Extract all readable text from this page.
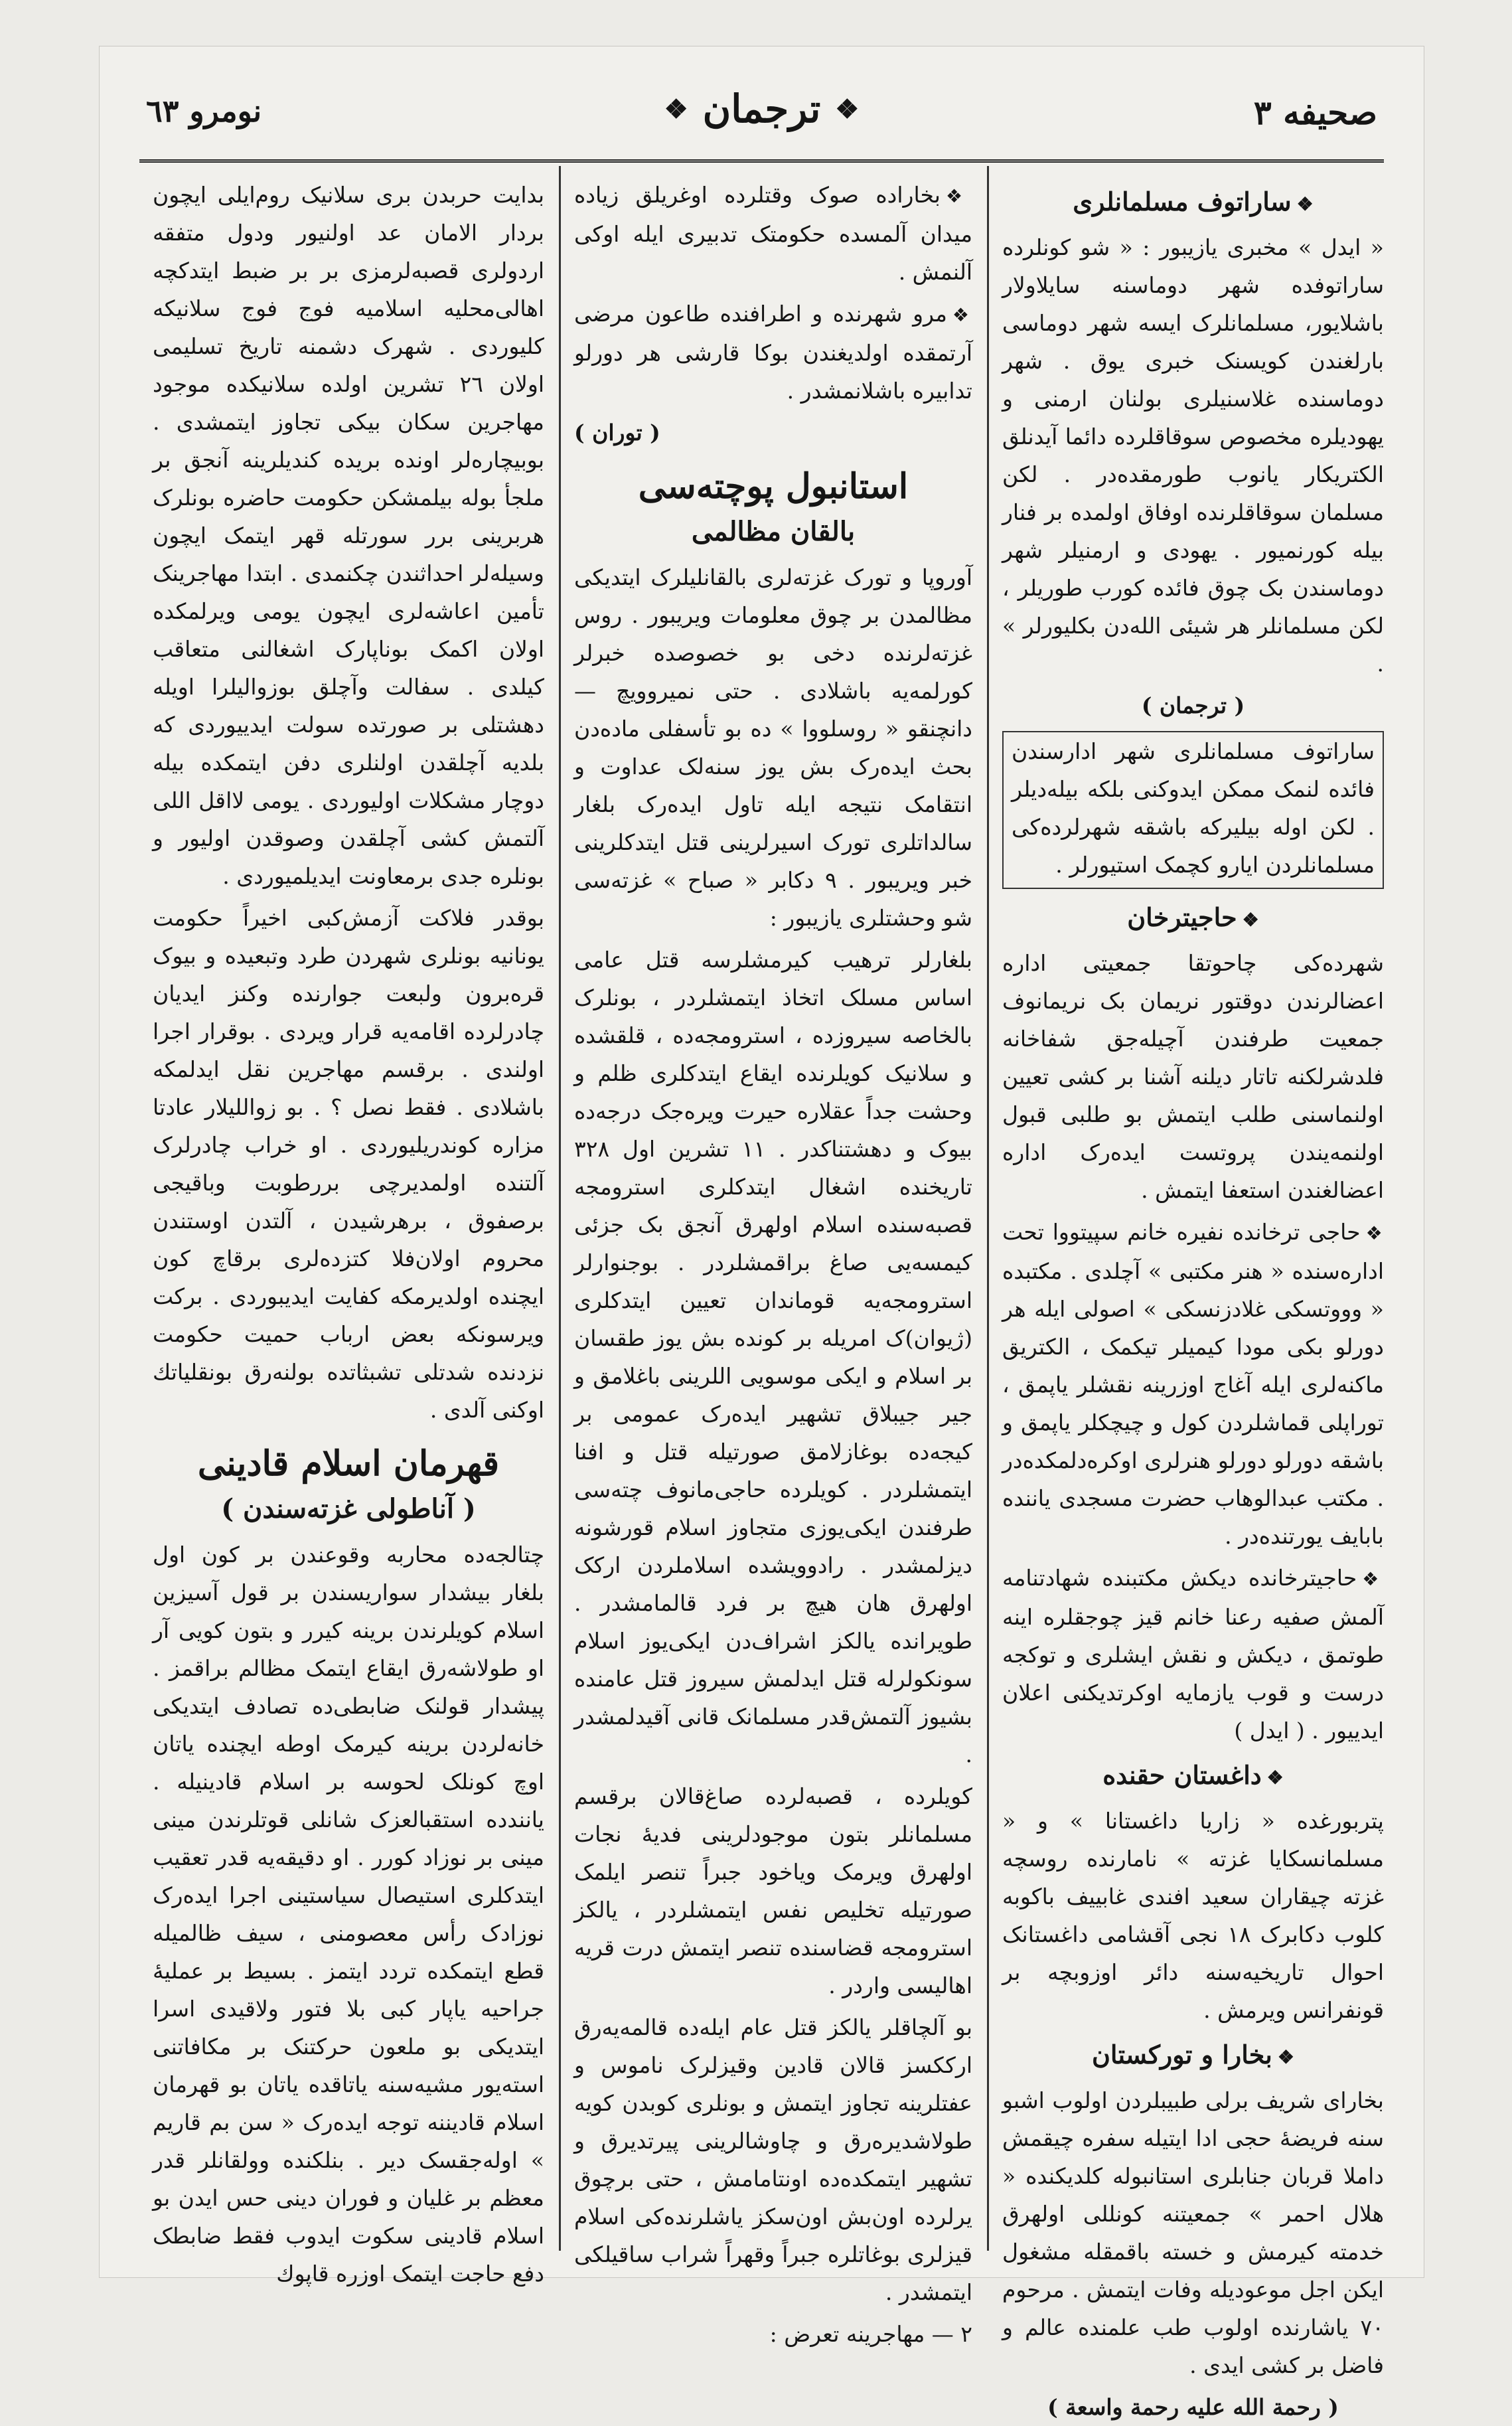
صحیفه ٣
❖
ترجمان
❖
نومرو ٦٣
❖ساراتوف مسلمانلری

« ایدل » مخبری یازیبور : « شو کونلرده ساراتوفده شهر دوماسنه سایلاولار باشلایور، مسلمانلرک ایسه شهر دوماسی بارلغندن کویسنک خبری یوق . شهر دوماسنده غلاسنیلری بولنان ارمنی و یهودیلره مخصوص سوقاقلرده دائما آیدنلق الکتریکار یانوب طورمقده‌در . لکن مسلمان سوقاقلرنده اوفاق اولمده بر فنار بیله کورنمیور . یهودی و ارمنیلر شهر دوماسندن بک چوق فائده کورب طوریلر ، لکن مسلمانلر هر شیئی الله‌دن بکلیورلر » .

( ترجمان )

ساراتوف مسلمانلری شهر ادارسندن فائده لنمک ممکن ایدوکنی بلکه بیله‌دیلر . لکن اوله بیلیرکه باشقه شهرلرده‌کی مسلمانلردن ایارو کچمک استیورلر .

❖حاجیترخان

شهرده‌کی چاحوتقا جمعیتی اداره اعضالرندن دوقتور نریمان بک نریمانوف جمعیت طرفندن آچیله‌جق شفاخانه فلدشرلکنه تاتار دیلنه آشنا بر کشی تعیین اولنماسنی طلب ایتمش بو طلبی قبول اولنمه‌یندن پروتست ایده‌رک اداره اعضالغندن استعفا ایتمش .

❖حاجی ترخانده نفیره خانم سپیتووا تحت اداره‌سنده « هنر مکتبی » آچلدی . مکتبده « وووتسکی غلادزنسکی » اصولی ایله هر دورلو بکی مودا کیمیلر تیکمک ، الکتریق ماکنه‌لری ایله آغاج اوزرینه نقشلر یاپمق ، توراپلی قماشلردن کول و چیچکلر یاپمق و باشقه دورلو دورلو هنرلری اوکره‌دلمکده‌در . مکتب عبدالوهاب حضرت مسجدی یاننده بابایف یورتنده‌در .

❖حاجیترخانده دیکش مکتبنده شهادتنامه آلمش صفیه رعنا خانم قیز چوجقلره اینه طوتمق ، دیکش و نقش ایشلری و توکجه درست و قوب یازمایه اوکرتدیکنی اعلان ایدییور . ( ایدل )

❖داغستان حقنده

پتربورغده « زاریا داغستانا » و « مسلمانسکایا غزته » نامارنده روسچه غزته چیقاران سعید افندی غابییف باکوبه کلوب دکابرک ١٨ نجی آقشامی داغستانک احوال تاریخیه‌سنه دائر اوزوبچه بر قونفرانس ویرمش .

❖بخارا و توركستان

بخارای شریف برلی طبیبلردن اولوب اشبو سنه فریضهٔ حجی ادا ایتیله سفره چیقمش داملا قربان جنابلری استانبوله کلدیکنده « هلال احمر » جمعیتنه کونللی اولهرق خدمته کیرمش و خسته باقمقله مشغول ایکن اجل موعودیله وفات ایتمش . مرحوم ٧٠ یاشارنده اولوب طب علمنده عالم و فاضل بر کشی ایدی .

( رحمة الله علیه رحمة واسعة )

❖بخاراده صوک وقتلرده اوغریلق زیاده میدان آلمسده حکومتک تدبیری ایله اوکی آلنمش .

❖مرو شهرنده و اطرافنده طاعون مرضی آرتمقده اولدیغندن بوکا قارشی هر دورلو تدابیره باشلانمشدر .

( توران )
استانبول پوچته‌سی
بالقان مظالمی

آوروپا و تورک غزته‌لری بالقانلیلرک ایتدیکی مظالمدن بر چوق معلومات ویریبور . روس غزته‌لرنده دخی بو خصوصده خبرلر کورلمه‌یه باشلادی . حتی نمیروویچ — دانچنقو « روسلووا » ده بو تأسفلی ماده‌دن بحث ایده‌رک بش یوز سنه‌لک عداوت و انتقامک نتیجه ایله تاول ایده‌رک بلغار سالداتلری تورک اسیرلرینی قتل ایتدکلرینی خبر ویریبور . ٩ دکابر « صباح » غزته‌سی شو وحشتلری یازیبور :

بلغارلر ترهیب کیرمشلرسه قتل عامی اساس مسلک اتخاذ ایتمشلردر ، بونلرک بالخاصه سیروزده ، استرومجه‌ده ، قلقشده و سلانیک کویلرنده ایقاع ایتدکلری ظلم و وحشت جداً عقلاره حیرت ویره‌جک درجه‌ده بیوک و دهشتناکدر . ١١ تشرین اول ٣٢٨ تاریخنده اشغال ایتدکلری استرومجه قصبه‌سنده اسلام اولهرق آنجق بک جزئی کیمسه‌یی صاغ براقمشلردر . بوجنوارلر استرومجه‌یه قوماندان تعیین ایتدکلری (ژیوان)ک امریله بر کونده بش یوز طقسان بر اسلام و ایکی موسویی اللرینی باغلامق و جیر جیبلاق تشهیر ایده‌رک عمومی بر کیجه‌ده بوغازلامق صورتیله قتل و افنا ایتمشلردر . کویلرده حاجی‌مانوف چته‌سی طرفندن ایکی‌یوزی متجاوز اسلام قورشونه دیزلمشدر . رادوویشده اسلاملردن ارکک اولهرق هان هیچ بر فرد قالمامشدر . طویرانده یالکز اشراف‌دن ایکی‌یوز اسلام سونکولرله قتل ایدلمش سیروز قتل عامنده بشیوز آلتمش‌قدر مسلمانک قانی آقیدلمشدر .

کویلرده ، قصبه‌لرده صاغ‌قالان برقسم مسلمانلر بتون موجودلرینی فدیهٔ نجات اولهرق ویرمک ویاخود جبراً تنصر ایلمک صورتیله تخلیص نفس ایتمشلردر ، یالکز استرومجه قضاسنده تنصر ایتمش درت قریه اهالیسی واردر .

بو آلچاقلر یالکز قتل عام ایله‌ده قالمه‌یه‌رق ارککسز قالان قادین وقیزلرک ناموس و عفتلرینه تجاوز ایتمش و بونلری کوبدن کویه طولاشدیره‌رق و چاوشالرینی پیرتدیرق و تشهیر ایتمکده‌ده اونتامامش ، حتی برچوق یرلرده اون‌بش اون‌سکز یاشلرنده‌کی اسلام قیزلری بوغاتلره جبراً وقهراً شراب ساقیلکی ایتمشدر .

٢ — مهاجرینه تعرض :

بدایت حربدن بری سلانیک روم‌ایلی ایچون بردار الامان عد اولنیور ودول متفقه اردولری قصبه‌لرمزی بر بر ضبط ایتدکچه اهالی‌محلیه اسلامیه فوج فوج سلانیکه کلیوردی . شهرک دشمنه تاریخ تسلیمی اولان ٢٦ تشرین اولده سلانیکده موجود مهاجرین سکان بیکی تجاوز ایتمشدی . بوبیچاره‌لر اونده بریده کندیلرینه آنجق بر ملجأ بوله بیلمشکن حکومت حاضره بونلرک هربرینی برر سورتله قهر ایتمک ایچون وسیله‌لر احداثندن چکنمدی . ابتدا مهاجرینک تأمین اعاشه‌لری ایچون یومی ویرلمکده اولان اکمک بوناپارک اشغالنی متعاقب کیلدی . سفالت وآچلق بوزوالیلرا اویله دهشتلی بر صورتده سولت ایدییوردی که بلدیه آچلقدن اولنلری دفن ایتمکده بیله دوچار مشکلات اولیوردی . یومی لااقل اللی آلتمش کشی آچلقدن وصوقدن اولیور و بونلره جدی برمعاونت ایدیلمیوردی .

بوقدر فلاکت آزمش‌کبی اخیراً حکومت یونانیه بونلری شهردن طرد وتبعیده و بیوک قره‌برون ولبعت جوارنده وکنز ایدیان چادرلرده اقامه‌یه قرار ویردی . بوقرار اجرا اولندی . برقسم مهاجرین نقل ایدلمکه باشلادی . فقط نصل ؟ . بو زواللیلار عادتا مزاره کوندریلیوردی . او خراب چادرلرک آلتنده اولمدیرچی بررطوبت وباقیجی برصفوق ، برهرشیدن ، آلتدن اوستندن محروم اولان‌فلا کتزده‌لری برقاچ کون ایچنده اولدیرمکه کفایت ایدیبوردی . برکت ویرسونکه بعض ارباب حمیت حکومت نزدنده شدتلی تشبثاتده بولنه‌رق بونقلیاتك اوکنی آلدی .

قهرمان اسلام قادینی
( آناطولی غزته‌سندن )

چتالجه‌ده محاربه وقوعندن بر کون اول بلغار بیشدار سواریسندن بر قول آسیزین اسلام کویلرندن برینه کیرر و بتون کویی آر او طولاشه‌رق ایقاع ایتمک مظالم براقمز . پیشدار قولنک ضابطی‌ده تصادف ایتدیکی خانه‌لردن برینه کیرمک اوطه ایچنده یاتان اوچ کونلک لحوسه بر اسلام قادینیله . یانندده استقبالعزک شانلی قوتلرندن مینی مینی بر نوزاد کورر . او دقیقه‌یه قدر تعقیب ایتدکلری استیصال سیاستینی اجرا ایده‌رک نوزادک رأس معصومنی ، سیف ظالمیله قطع ایتمکده تردد ایتمز . بسیط بر عملیهٔ جراحیه یاپار کبی بلا فتور ولاقیدی اسرا ایتدیکی بو ملعون حرکتنک بر مکافاتنی استه‌یور مشیه‌سنه یاتاقده یاتان بو قهرمان اسلام قادیننه توجه ایده‌رک « سن بم قاریم » اوله‌جقسک دیر . بنلکنده وولقانلر قدر معظم بر غلیان و فوران دینی حس ایدن بو اسلام قادینی سکوت ایدوب فقط ضابطک دفع حاجت ایتمک اوزره قاپوك
